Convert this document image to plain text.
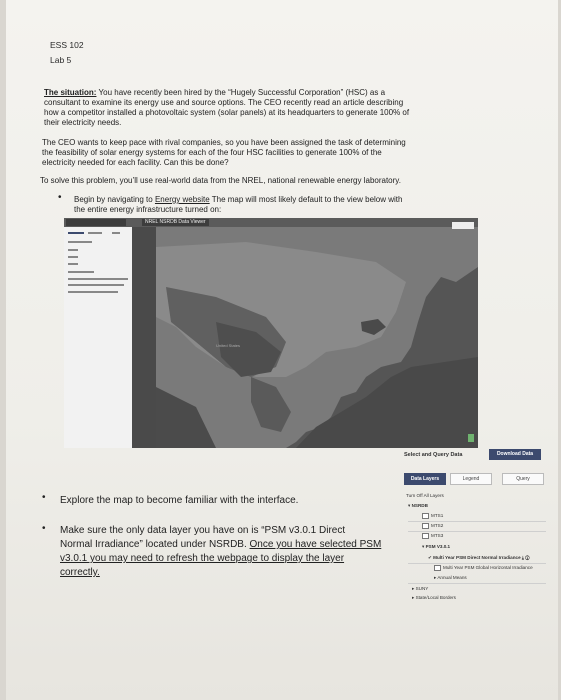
ESS 102
Lab 5
The situation: You have recently been hired by the “Hugely Successful Corporation” (HSC) as a
consultant to examine its energy use and source options. The CEO recently read an article describing
how a competitor installed a photovoltaic system (solar panels) at its headquarters to generate 100% of
their electricity needs.
The CEO wants to keep pace with rival companies, so you have been assigned the task of determining
the feasibility of solar energy systems for each of the four HSC facilities to generate 100% of the
electricity needed for each facility. Can this be done?
To solve this problem, you’ll use real-world data from the NREL, national renewable energy laboratory.
• Begin by navigating to Energy website The map will most likely default to the view below with
the entire energy infrastructure turned on:
NREL NSRDB Data Viewer
United States
Select and Query Data	Download Data
Data Layers	Legend	Query
Turn Off All Layers
▾ NSRDB
MTS1
MTS2
MTS3
▾ PSM V3.0.1
✔ Multi Year PSM Direct Normal Irradiance ⤓ ⓘ
Multi Year PSM Global Horizontal Irradiance
▸ Annual Means
▸ SUNY
▸ State/Local Borders
• Explore the map to become familiar with the interface.
• Make sure the only data layer you have on is “PSM v3.0.1 Direct
Normal Irradiance” located under NSRDB. Once you have selected PSM
v3.0.1 you may need to refresh the webpage to display the layer
correctly.
